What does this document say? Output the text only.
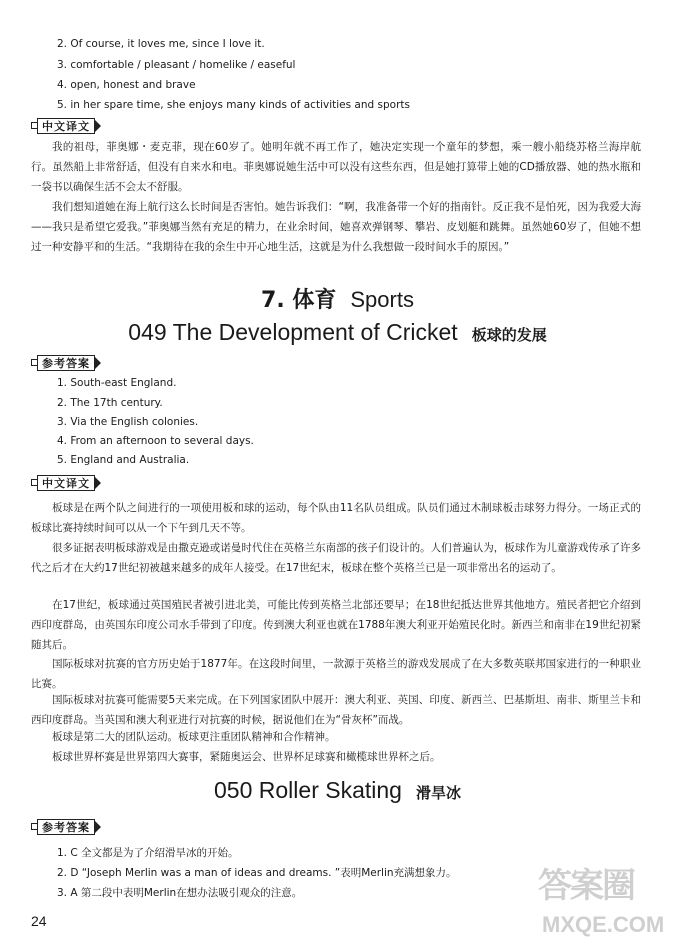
2. Of course, it loves me, since I love it.
3. comfortable / pleasant / homelike / easeful
4. open, honest and brave
5. in her spare time, she enjoys many kinds of activities and sports
中文译文
我的祖母，菲奥娜・麦克菲，现在60岁了。她明年就不再工作了，她决定实现一个童年的梦想，乘一艘小船绕苏格兰海岸航行。虽然船上非常舒适，但没有自来水和电。菲奥娜说她生活中可以没有这些东西，但是她打算带上她的CD播放器、她的热水瓶和一袋书以确保生活不会太不舒服。
我们想知道她在海上航行这么长时间是否害怕。她告诉我们：“啊，我准备带一个好的指南针。反正我不是怕死，因为我爱大海——我只是希望它爱我。”菲奥娜当然有充足的精力，在业余时间，她喜欢弹钢琴、攀岩、皮划艇和跳舞。虽然她60岁了，但她不想过一种安静平和的生活。“我期待在我的余生中开心地生活，这就是为什么我想做一段时间水手的原因。”
7. 体育 Sports
049 The Development of Cricket 板球的发展
参考答案
1. South-east England.
2. The 17th century.
3. Via the English colonies.
4. From an afternoon to several days.
5. England and Australia.
中文译文
板球是在两个队之间进行的一项使用板和球的运动，每个队由11名队员组成。队员们通过木制球板击球努力得分。一场正式的板球比赛持续时间可以从一个下午到几天不等。
很多证据表明板球游戏是由撒克逊或诺曼时代住在英格兰东南部的孩子们设计的。人们普遍认为，板球作为儿童游戏传承了许多代之后才在大约17世纪初被越来越多的成年人接受。在17世纪末，板球在整个英格兰已是一项非常出名的运动了。
在17世纪，板球通过英国殖民者被引进北美，可能比传到英格兰北部还要早；在18世纪抵达世界其他地方。殖民者把它介绍到西印度群岛，由英国东印度公司水手带到了印度。传到澳大利亚也就在1788年澳大利亚开始殖民化时。新西兰和南非在19世纪初紧随其后。
国际板球对抗赛的官方历史始于1877年。在这段时间里，一款源于英格兰的游戏发展成了在大多数英联邦国家进行的一种职业比赛。
国际板球对抗赛可能需要5天来完成。在下列国家团队中展开：澳大利亚、英国、印度、新西兰、巴基斯坦、南非、斯里兰卡和西印度群岛。当英国和澳大利亚进行对抗赛的时候，据说他们在为“骨灰杯”而战。
板球是第二大的团队运动。板球更注重团队精神和合作精神。
板球世界杯赛是世界第四大赛事，紧随奥运会、世界杯足球赛和橄榄球世界杯之后。
050 Roller Skating 滑旱冰
参考答案
1. C 全文都是为了介绍滑旱冰的开始。
2. D “Joseph Merlin was a man of ideas and dreams. ”表明Merlin充满想象力。
3. A 第二段中表明Merlin在想办法吸引观众的注意。
24
答案圈
MXQE.COM
